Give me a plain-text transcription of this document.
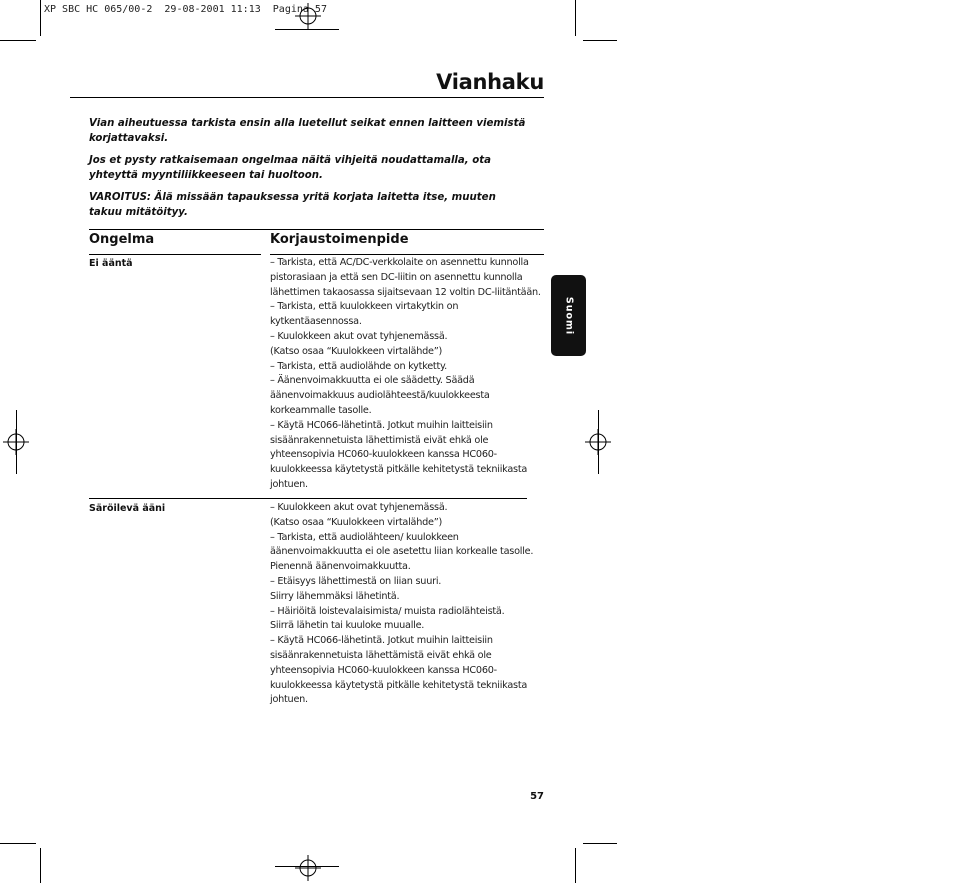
XP SBC HC 065/00-2  29-08-2001 11:13  Pagina 57
Vianhaku
Vian aiheutuessa tarkista ensin alla luetellut seikat ennen laitteen viemistä korjattavaksi.
Jos et pysty ratkaisemaan ongelmaa näitä vihjeitä noudattamalla, ota yhteyttä myyntiliikkeeseen tai huoltoon.
VAROITUS: Älä missään tapauksessa yritä korjata laitetta itse, muuten takuu mitätöityy.
Ongelma	Korjaustoimenpide
Ei ääntä	– Tarkista, että AC/DC-verkkolaite on asennettu kunnolla
pistorasiaan ja että sen DC-liitin on asennettu kunnolla
lähettimen takaosassa sijaitsevaan 12 voltin DC-liitäntään.
– Tarkista, että kuulokkeen virtakytkin on
kytkentäasennossa.
– Kuulokkeen akut ovat tyhjenemässä.
(Katso osaa “Kuulokkeen virtalähde”)
– Tarkista, että audiolähde on kytketty.
– Äänenvoimakkuutta ei ole säädetty. Säädä
äänenvoimakkuus audiolähteestä/kuulokkeesta
korkeammalle tasolle.
– Käytä HC066-lähetintä. Jotkut muihin laitteisiin
sisäänrakennetuista lähettimistä eivät ehkä ole
yhteensopivia HC060-kuulokkeen kanssa HC060-
kuulokkeessa käytetystä pitkälle kehitetystä tekniikasta
johtuen.
Säröilevä ääni	– Kuulokkeen akut ovat tyhjenemässä.
(Katso osaa “Kuulokkeen virtalähde”)
– Tarkista, että audiolähteen/ kuulokkeen
äänenvoimakkuutta ei ole asetettu liian korkealle tasolle.
Pienennä äänenvoimakkuutta.
– Etäisyys lähettimestä on liian suuri.
Siirry lähemmäksi lähetintä.
– Häiriöitä loistevalaisimista/ muista radiolähteistä.
Siirrä lähetin tai kuuloke muualle.
– Käytä HC066-lähetintä. Jotkut muihin laitteisiin
sisäänrakennetuista lähettämistä eivät ehkä ole
yhteensopivia HC060-kuulokkeen kanssa HC060-
kuulokkeessa käytetystä pitkälle kehitetystä tekniikasta
johtuen.
Suomi
57
